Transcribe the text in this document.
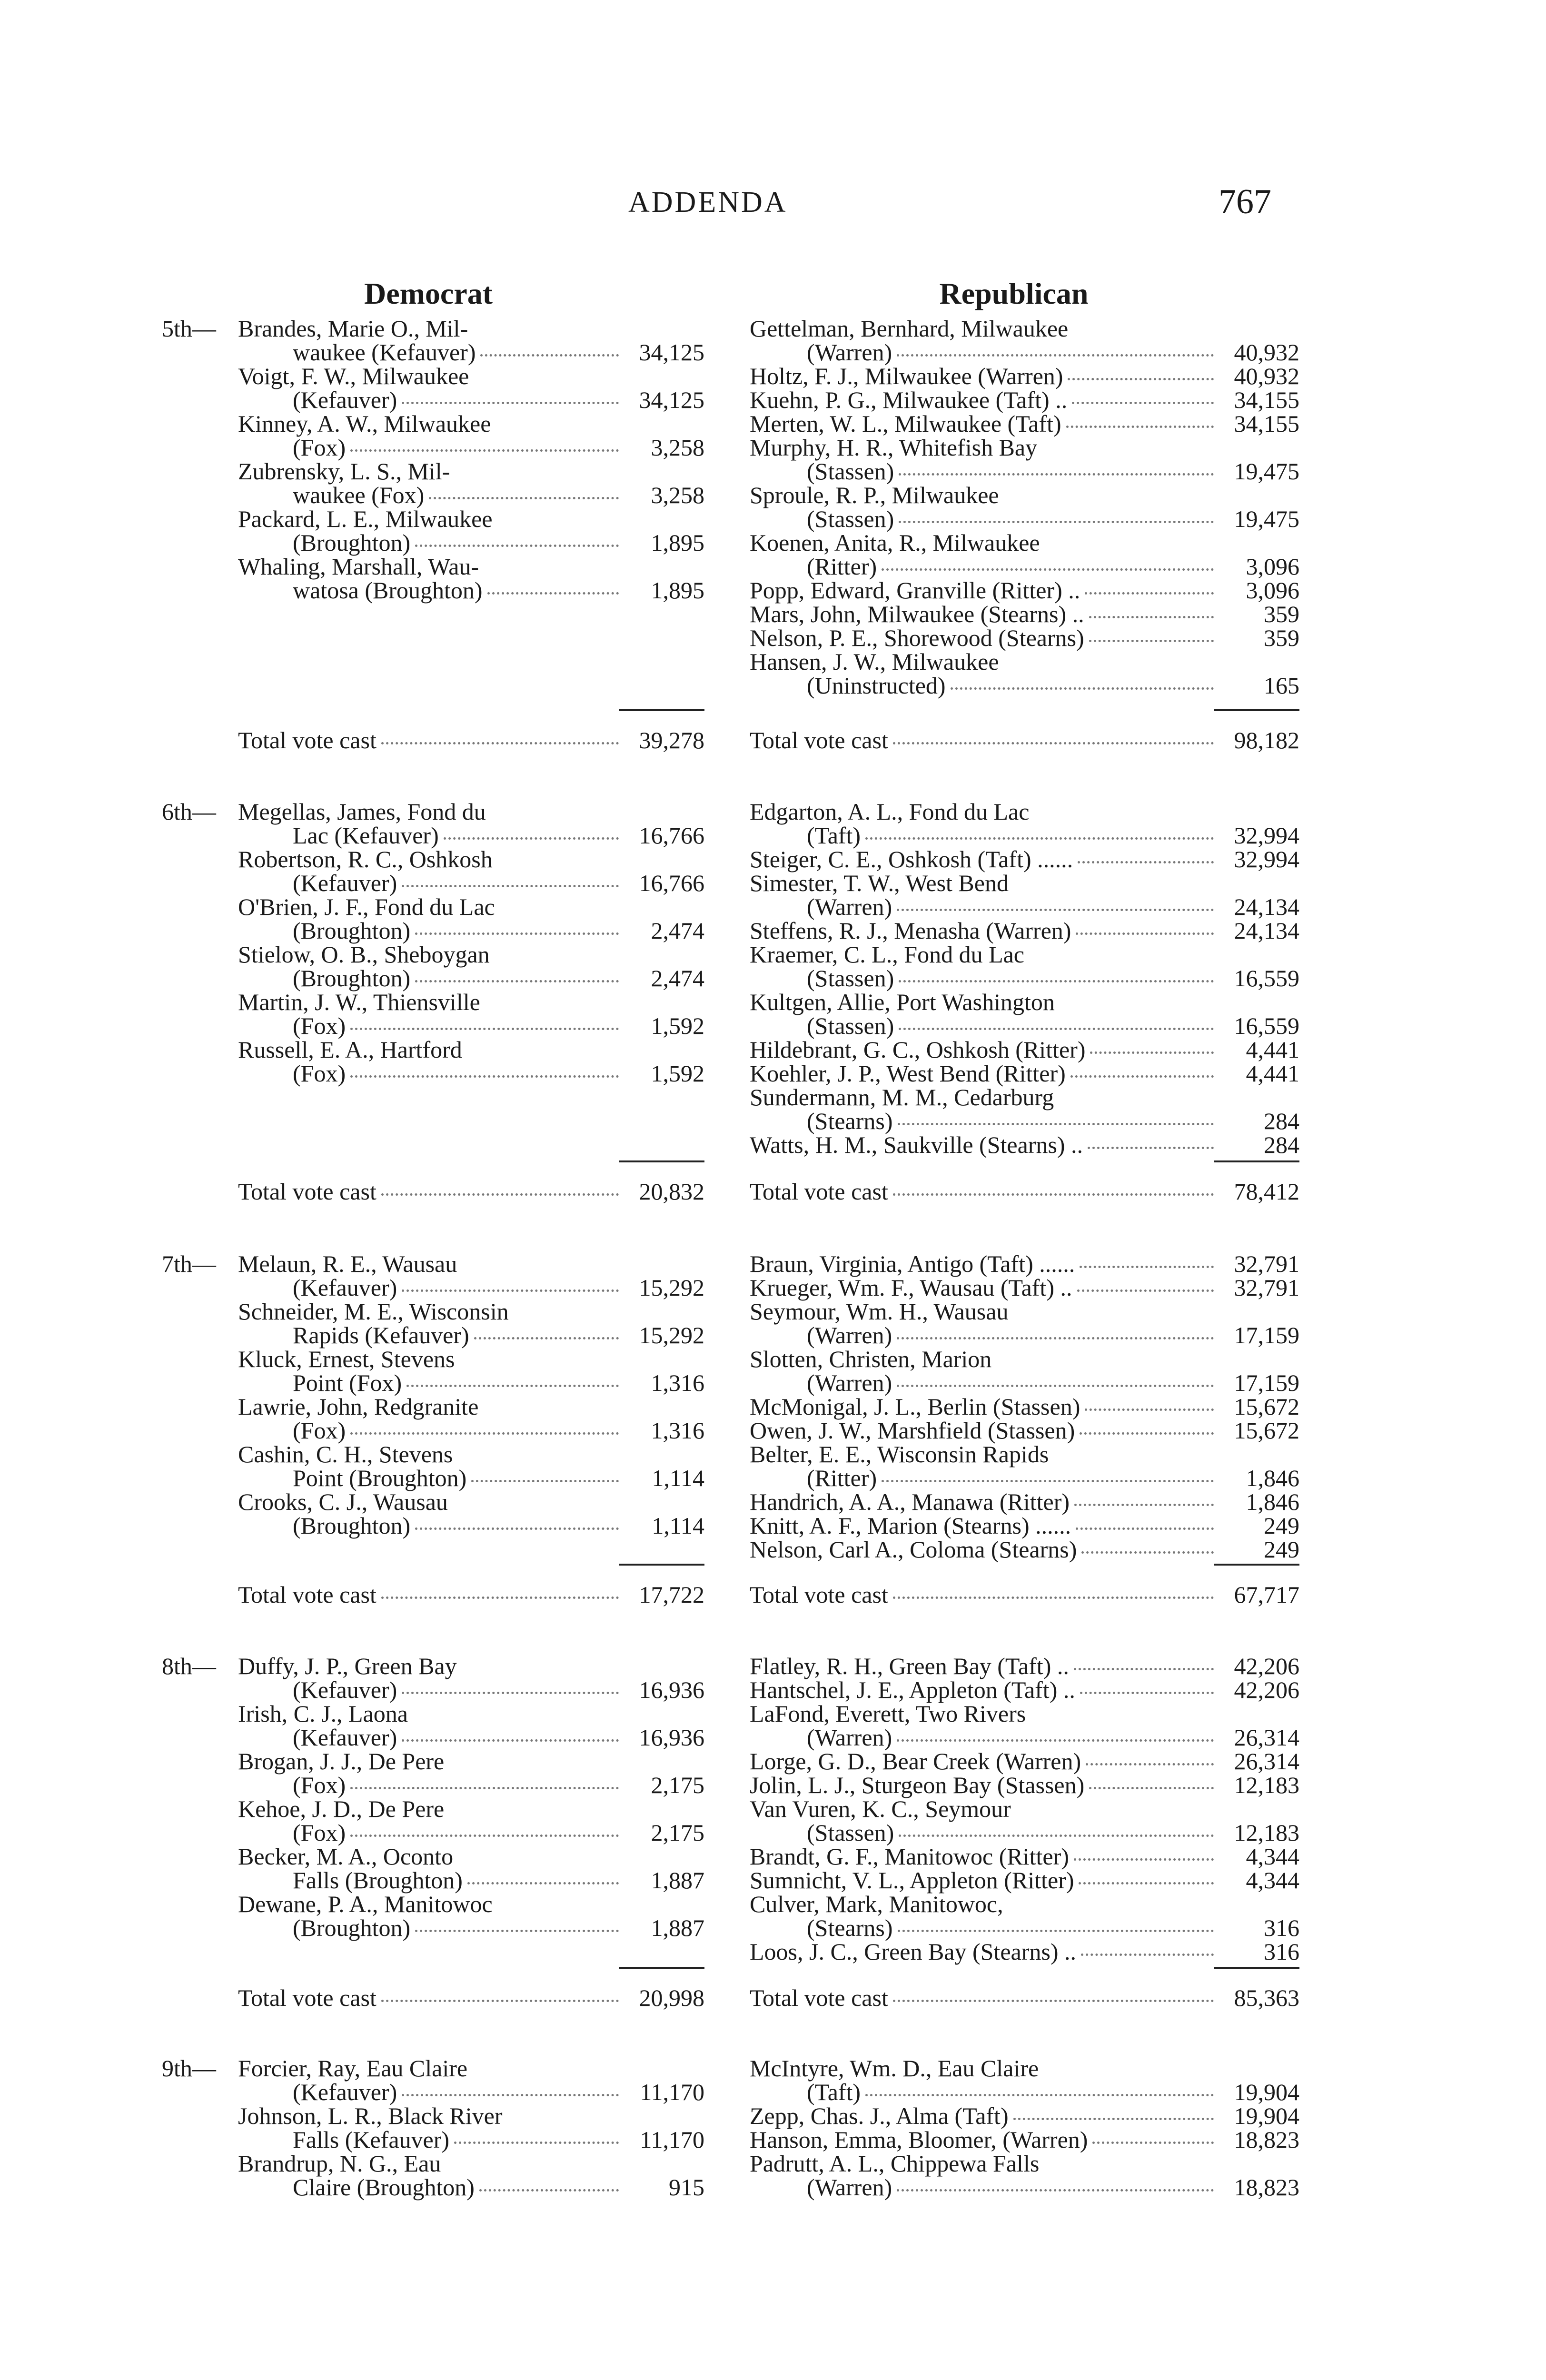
ADDENDA	767
Democrat	Republican
5th— Brandes, Marie O., Mil-
waukee (Kefauver)	34,125
Voigt, F. W., Milwaukee
(Kefauver)	34,125
Kinney, A. W., Milwaukee
(Fox)	3,258
Zubrensky, L. S., Mil-
waukee (Fox)	3,258
Packard, L. E., Milwaukee
(Broughton)	1,895
Whaling, Marshall, Wau-
watosa (Broughton)	1,895
Gettelman, Bernhard, Milwaukee
(Warren)	40,932
Holtz, F. J., Milwaukee (Warren)	40,932
Kuehn, P. G., Milwaukee (Taft) ..	34,155
Merten, W. L., Milwaukee (Taft)	34,155
Murphy, H. R., Whitefish Bay
(Stassen)	19,475
Sproule, R. P., Milwaukee
(Stassen)	19,475
Koenen, Anita, R., Milwaukee
(Ritter)	3,096
Popp, Edward, Granville (Ritter) ..	3,096
Mars, John, Milwaukee (Stearns) ..	359
Nelson, P. E., Shorewood (Stearns)	359
Hansen, J. W., Milwaukee
(Uninstructed)	165
Total vote cast	39,278 Total vote cast	98,182
6th— Megellas, James, Fond du
Lac (Kefauver)	16,766
Robertson, R. C., Oshkosh
(Kefauver)	16,766
O'Brien, J. F., Fond du Lac
(Broughton)	2,474
Stielow, O. B., Sheboygan
(Broughton)	2,474
Martin, J. W., Thiensville
(Fox)	1,592
Russell, E. A., Hartford
(Fox)	1,592
Edgarton, A. L., Fond du Lac
(Taft)	32,994
Steiger, C. E., Oshkosh (Taft) ......	32,994
Simester, T. W., West Bend
(Warren)	24,134
Steffens, R. J., Menasha (Warren)	24,134
Kraemer, C. L., Fond du Lac
(Stassen)	16,559
Kultgen, Allie, Port Washington
(Stassen)	16,559
Hildebrant, G. C., Oshkosh (Ritter)	4,441
Koehler, J. P., West Bend (Ritter)	4,441
Sundermann, M. M., Cedarburg
(Stearns)	284
Watts, H. M., Saukville (Stearns) ..	284
Total vote cast	20,832 Total vote cast	78,412
7th— Melaun, R. E., Wausau
(Kefauver)	15,292
Schneider, M. E., Wisconsin
Rapids (Kefauver)	15,292
Kluck, Ernest, Stevens
Point (Fox)	1,316
Lawrie, John, Redgranite
(Fox)	1,316
Cashin, C. H., Stevens
Point (Broughton)	1,114
Crooks, C. J., Wausau
(Broughton)	1,114
Braun, Virginia, Antigo (Taft) ......	32,791
Krueger, Wm. F., Wausau (Taft) ..	32,791
Seymour, Wm. H., Wausau
(Warren)	17,159
Slotten, Christen, Marion
(Warren)	17,159
McMonigal, J. L., Berlin (Stassen)	15,672
Owen, J. W., Marshfield (Stassen)	15,672
Belter, E. E., Wisconsin Rapids
(Ritter)	1,846
Handrich, A. A., Manawa (Ritter)	1,846
Knitt, A. F., Marion (Stearns) ......	249
Nelson, Carl A., Coloma (Stearns)	249
Total vote cast	17,722 Total vote cast	67,717
8th— Duffy, J. P., Green Bay
(Kefauver)	16,936
Irish, C. J., Laona
(Kefauver)	16,936
Brogan, J. J., De Pere
(Fox)	2,175
Kehoe, J. D., De Pere
(Fox)	2,175
Becker, M. A., Oconto
Falls (Broughton)	1,887
Dewane, P. A., Manitowoc
(Broughton)	1,887
Flatley, R. H., Green Bay (Taft) ..	42,206
Hantschel, J. E., Appleton (Taft) ..	42,206
LaFond, Everett, Two Rivers
(Warren)	26,314
Lorge, G. D., Bear Creek (Warren)	26,314
Jolin, L. J., Sturgeon Bay (Stassen)	12,183
Van Vuren, K. C., Seymour
(Stassen)	12,183
Brandt, G. F., Manitowoc (Ritter)	4,344
Sumnicht, V. L., Appleton (Ritter)	4,344
Culver, Mark, Manitowoc,
(Stearns)	316
Loos, J. C., Green Bay (Stearns) ..	316
Total vote cast	20,998 Total vote cast	85,363
9th— Forcier, Ray, Eau Claire
(Kefauver)	11,170
Johnson, L. R., Black River
Falls (Kefauver)	11,170
Brandrup, N. G., Eau
Claire (Broughton)	915
McIntyre, Wm. D., Eau Claire
(Taft)	19,904
Zepp, Chas. J., Alma (Taft)	19,904
Hanson, Emma, Bloomer, (Warren)	18,823
Padrutt, A. L., Chippewa Falls
(Warren)	18,823
